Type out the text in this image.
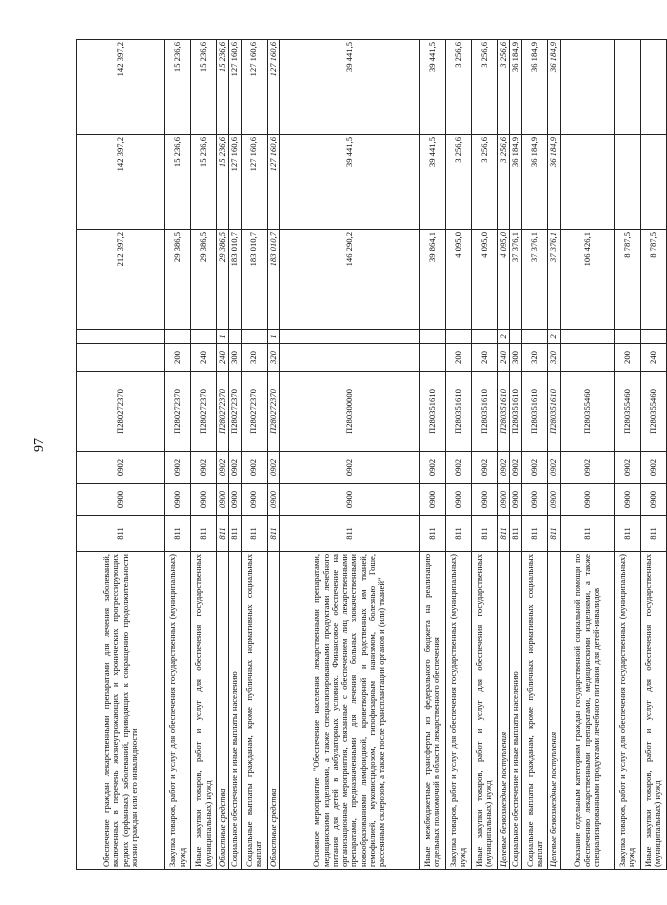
97
Обеспечение граждан лекарственными препаратами для лечения заболеваний, включенных в перечень жизнеугрожающих и хронических прогрессирующих редких (орфанных) заболеваний, приводящих к сокращению продолжительности жизни граждан или его инвалидности	811	0900	0902	П280272370			212 397,2	142 397,2	142 397,2
Закупка товаров, работ и услуг для обеспечения государственных (муниципальных) нужд	811	0900	0902	П280272370	200		29 386,5	15 236,6	15 236,6
Иные закупки товаров, работ и услуг для обеспечения государственных (муниципальных) нужд	811	0900	0902	П280272370	240		29 386,5	15 236,6	15 236,6
Областные средства	811	0900	0902	П280272370	240	1	29 386,5	15 236,6	15 236,6
Социальное обеспечение и иные выплаты населению	811	0900	0902	П280272370	300		183 010,7	127 160,6	127 160,6
Социальные выплаты гражданам, кроме публичных нормативных социальных выплат	811	0900	0902	П280272370	320		183 010,7	127 160,6	127 160,6
Областные средства	811	0900	0902	П280272370	320	1	183 010,7	127 160,6	127 160,6
Основное мероприятие "Обеспечение населения лекарственными препаратами, медицинскими изделиями, а также специализированными продуктами лечебного питания для детей в амбулаторных условиях. Финансовое обеспечение на организационные мероприятия, связанные с обеспечением лиц лекарственными препаратами, предназначенными для лечения больных злокачественными новообразованиями лимфоидной, кроветворной и родственных им тканей, гемофилией, муковисцидозом, гипофизарным нанизмом, болезнью Гоше, рассеянным склерозом, а также после трансплантации органов и (или) тканей"	811	0900	0902	П280300000			146 290,2	39 441,5	39 441,5
Иные межбюджетные трансферты из федерального бюджета на реализацию отдельных полномочий в области лекарственного обеспечения	811	0900	0902	П280351610			39 864,1	39 441,5	39 441,5
Закупка товаров, работ и услуг для обеспечения государственных (муниципальных) нужд	811	0900	0902	П280351610	200		4 095,0	3 256,6	3 256,6
Иные закупки товаров, работ и услуг для обеспечения государственных (муниципальных) нужд	811	0900	0902	П280351610	240		4 095,0	3 256,6	3 256,6
Целевые безвозмездные поступления	811	0900	0902	П280351610	240	2	4 095,0	3 256,6	3 256,6
Социальное обеспечение и иные выплаты населению	811	0900	0902	П280351610	300		37 376,1	36 184,9	36 184,9
Социальные выплаты гражданам, кроме публичных нормативных социальных выплат	811	0900	0902	П280351610	320		37 376,1	36 184,9	36 184,9
Целевые безвозмездные поступления	811	0900	0902	П280351610	320	2	37 376,1	36 184,9	36 184,9
Оказание отдельным категориям граждан государственной социальной помощи по обеспечению лекарственными препаратами, медицинскими изделиями, а также специализированными продуктами лечебного питания для детей-инвалидов	811	0900	0902	П280355460			106 426,1		
Закупка товаров, работ и услуг для обеспечения государственных (муниципальных) нужд	811	0900	0902	П280355460	200		8 787,5		
Иные закупки товаров, работ и услуг для обеспечения государственных (муниципальных) нужд	811	0900	0902	П280355460	240		8 787,5		
